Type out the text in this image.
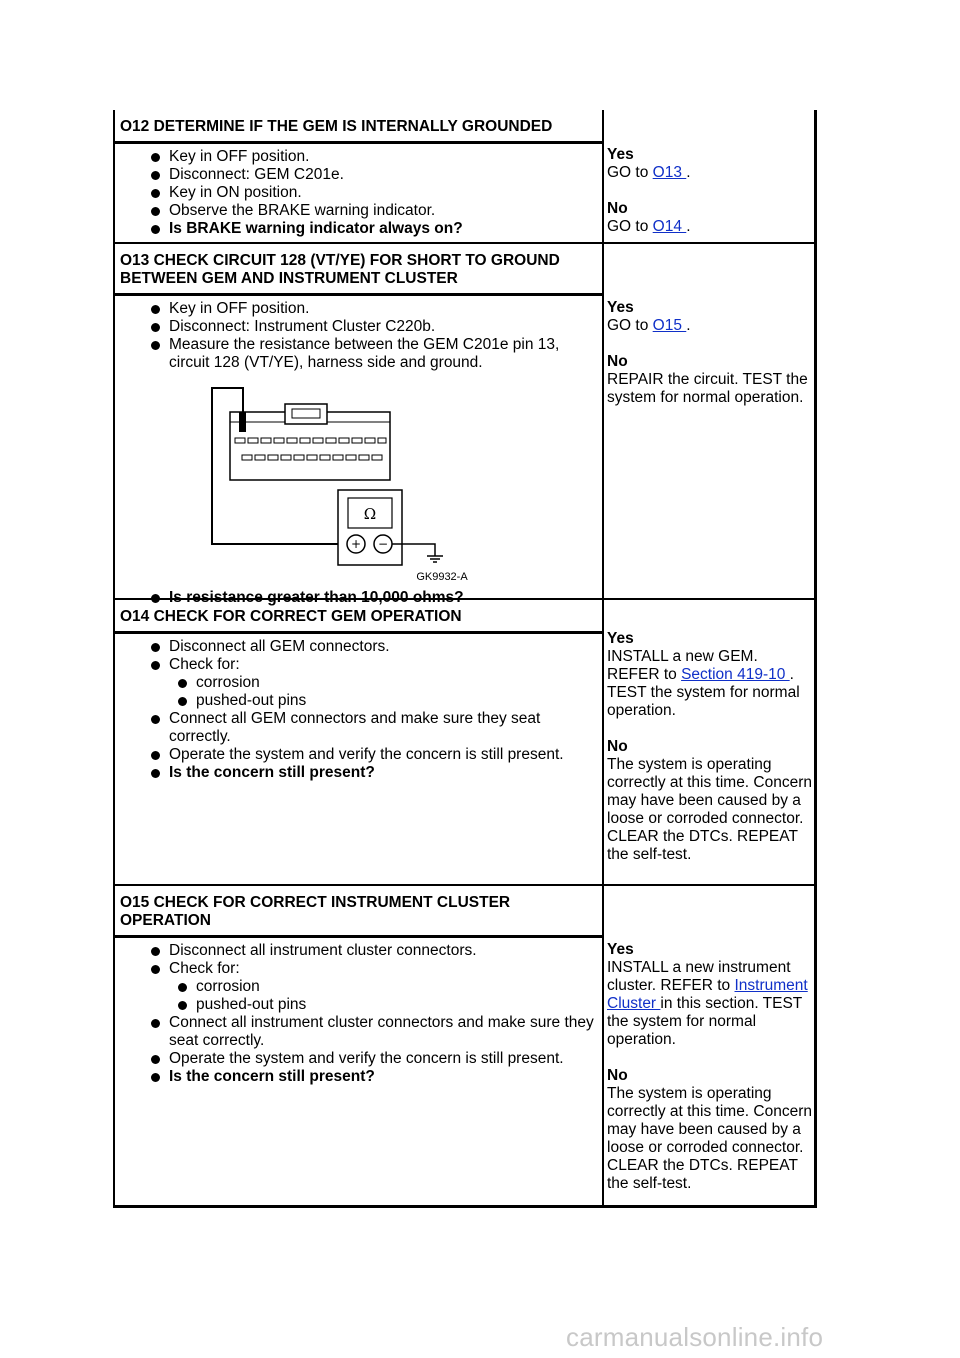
O12 DETERMINE IF THE GEM IS INTERNALLY GROUNDED
Key in OFF position.
Disconnect: GEM C201e.
Key in ON position.
Observe the BRAKE warning indicator.
Is BRAKE warning indicator always on?
Yes
GO to O13 .
No
GO to O14 .
O13 CHECK CIRCUIT 128 (VT/YE) FOR SHORT TO GROUND BETWEEN GEM AND INSTRUMENT CLUSTER
Key in OFF position.
Disconnect: Instrument Cluster C220b.
Measure the resistance between the GEM C201e pin 13, circuit 128 (VT/YE), harness side and ground.
Ω
+ −
GK9932-A
Is resistance greater than 10,000 ohms?
Yes
GO to O15 .
No
REPAIR the circuit. TEST the system for normal operation.
O14 CHECK FOR CORRECT GEM OPERATION
Disconnect all GEM connectors.
Check for:
corrosion
pushed-out pins
Connect all GEM connectors and make sure they seat correctly.
Operate the system and verify the concern is still present.
Is the concern still present?
Yes
INSTALL a new GEM. REFER to Section 419-10 . TEST the system for normal operation.
No
The system is operating correctly at this time. Concern may have been caused by a loose or corroded connector. CLEAR the DTCs. REPEAT the self-test.
O15 CHECK FOR CORRECT INSTRUMENT CLUSTER OPERATION
Disconnect all instrument cluster connectors.
Check for:
corrosion
pushed-out pins
Connect all instrument cluster connectors and make sure they seat correctly.
Operate the system and verify the concern is still present.
Is the concern still present?
Yes
INSTALL a new instrument cluster. REFER to Instrument Cluster in this section. TEST the system for normal operation.
No
The system is operating correctly at this time. Concern may have been caused by a loose or corroded connector. CLEAR the DTCs. REPEAT the self-test.
carmanualsonline.info
